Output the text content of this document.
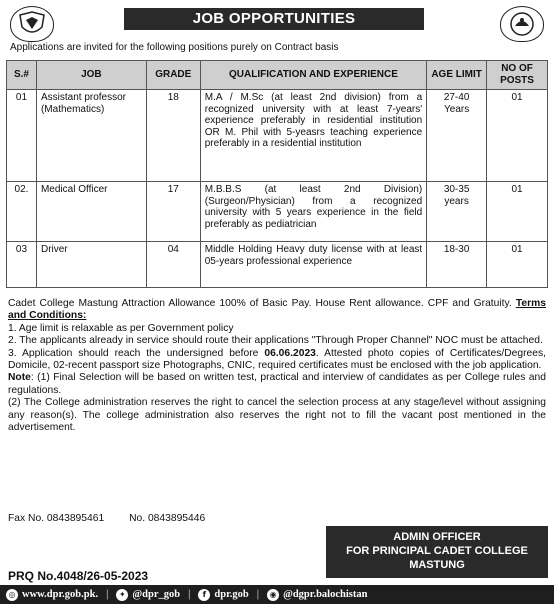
JOB OPPORTUNITIES
Applications are invited for the following positions purely on Contract basis
S.#	JOB	GRADE	QUALIFICATION AND EXPERIENCE	AGE LIMIT	NO OF POSTS
01	Assistant professor (Mathematics)	18	M.A / M.Sc (at least 2nd division) from a recognized university with at least 7-years' experience preferably in residential institution OR M. Phil with 5-yeasrs teaching experience preferably in a residential institution	27-40 Years	01
02.	Medical Officer	17	M.B.B.S (at least 2nd Division) (Surgeon/Physician) from a recognized university with 5 years experience in the field preferably as pediatrician	30-35 years	01
03	Driver	04	Middle Holding Heavy duty license with at least 05-years professional experience	18-30	01

Cadet College Mastung Attraction Allowance 100% of Basic Pay. House Rent allowance. CPF and Gratuity. Terms and Conditions:

1. Age limit is relaxable as per Government policy

2. The applicants already in service should route their applications "Through Proper Channel" NOC must be attached.

3. Application should reach the undersigned before 06.06.2023. Attested photo copies of Certificates/Degrees, Domicile, 02-recent passport size Photographs, CNIC, required certificates must be enclosed with the job application.

Note: (1) Final Selection will be based on written test, practical and interview of candidates as per College rules and regulations.

(2) The College administration reserves the right to cancel the selection process at any stage/level without assigning any reason(s). The college administration also reserves the right not to fill the vacant post mentioned in the advertisement.

Fax No. 0843895461 No. 0843895446
ADMIN OFFICER
FOR PRINCIPAL CADET COLLEGE
MASTUNG
PRQ No.4048/26-05-2023
◎ www.dpr.gob.pk. |	✦ @dpr_gob |	f dpr.gob |	◉ @dgpr.balochistan
